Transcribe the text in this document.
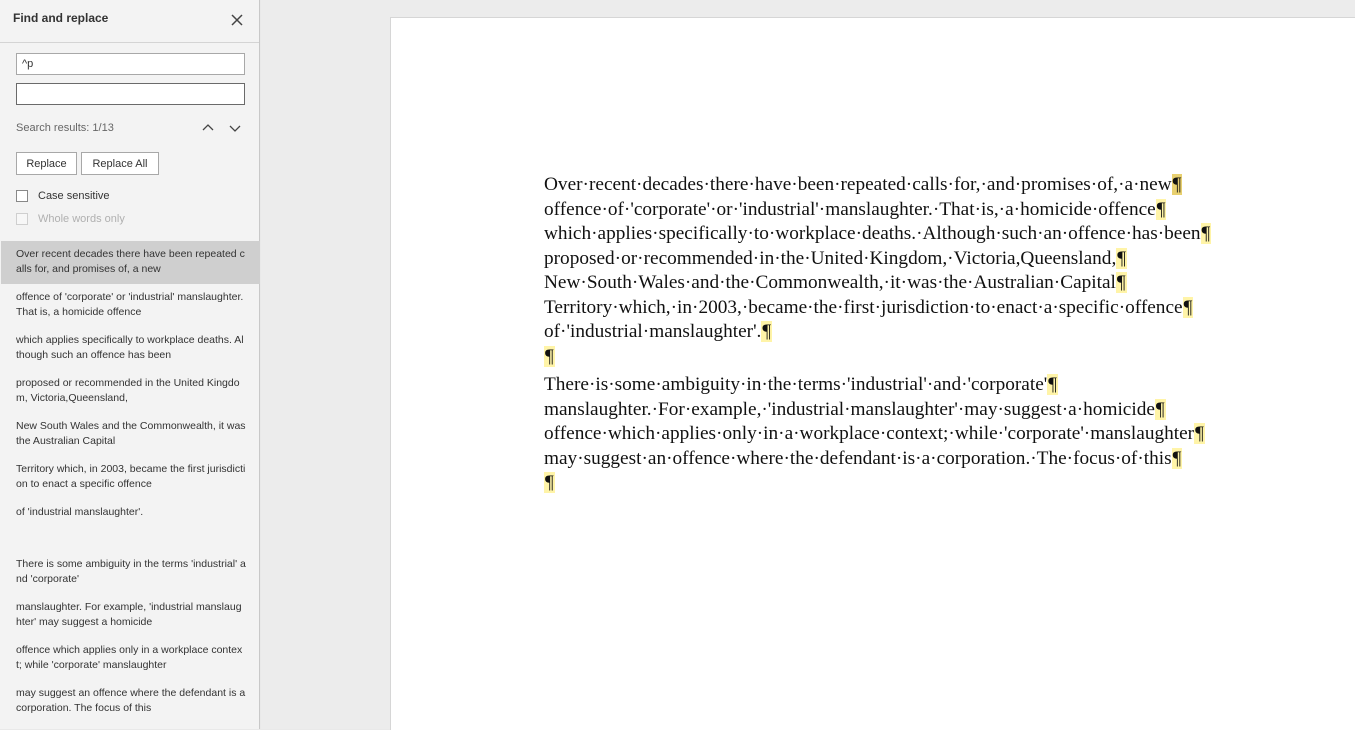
Find and replace
^p
Search results: 1/13
Replace	Replace All
Case sensitive
Whole words only
Over recent decades there have been repeated calls for, and promises of, a new
offence of 'corporate' or 'industrial' manslaughter. That is, a homicide offence
which applies specifically to workplace deaths. Although such an offence has been
proposed or recommended in the United Kingdom, Victoria,Queensland,
New South Wales and the Commonwealth, it was the Australian Capital
Territory which, in 2003, became the first jurisdiction to enact a specific offence
of 'industrial manslaughter'.
There is some ambiguity in the terms 'industrial' and 'corporate'
manslaughter. For example, 'industrial manslaughter' may suggest a homicide
offence which applies only in a workplace context; while 'corporate' manslaughter
may suggest an offence where the defendant is a corporation. The focus of this
Over·recent·decades·there·have·been·repeated·calls·for,·and·promises·of,·a·new¶
offence·of·'corporate'·or·'industrial'·manslaughter.·That·is,·a·homicide·offence¶
which·applies·specifically·to·workplace·deaths.·Although·such·an·offence·has·been¶
proposed·or·recommended·in·the·United·Kingdom,·Victoria,Queensland,¶
New·South·Wales·and·the·Commonwealth,·it·was·the·Australian·Capital¶
Territory·which,·in·2003,·became·the·first·jurisdiction·to·enact·a·specific·offence¶
of·'industrial·manslaughter'.¶
¶
There·is·some·ambiguity·in·the·terms·'industrial'·and·'corporate'¶
manslaughter.·For·example,·'industrial·manslaughter'·may·suggest·a·homicide¶
offence·which·applies·only·in·a·workplace·context;·while·'corporate'·manslaughter¶
may·suggest·an·offence·where·the·defendant·is·a·corporation.·The·focus·of·this¶
¶
